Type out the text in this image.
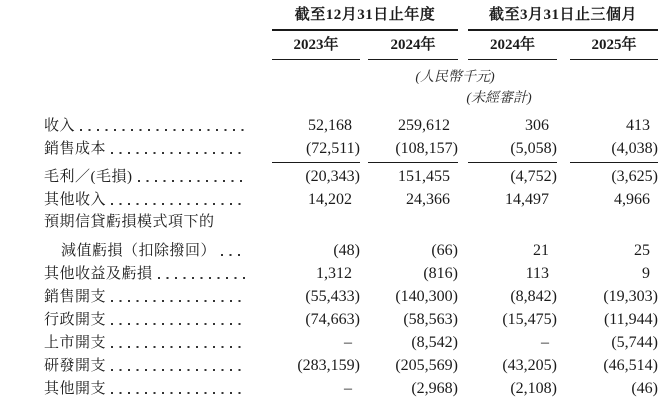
截至12月31日止年度	截至3月31日止三個月
2023年	2024年	2024年	2025年
(人民幣千元)
(未經審計)
收入	52,168	259,612	306	413
銷售成本	(72,511)	(108,157)	(5,058)	(4,038)
毛利／(毛損)	(20,343)	151,455	(4,752)	(3,625)
其他收入	14,202	24,366	14,497	4,966
預期信貸虧損模式項下的
減值虧損（扣除撥回）	(48)	(66)	21	25
其他收益及虧損	1,312	(816)	113	9
銷售開支	(55,433)	(140,300)	(8,842)	(19,303)
行政開支	(74,663)	(58,563)	(15,475)	(11,944)
上市開支	–	(8,542)	–	(5,744)
研發開支	(283,159)	(205,569)	(43,205)	(46,514)
其他開支	–	(2,968)	(2,108)	(46)
